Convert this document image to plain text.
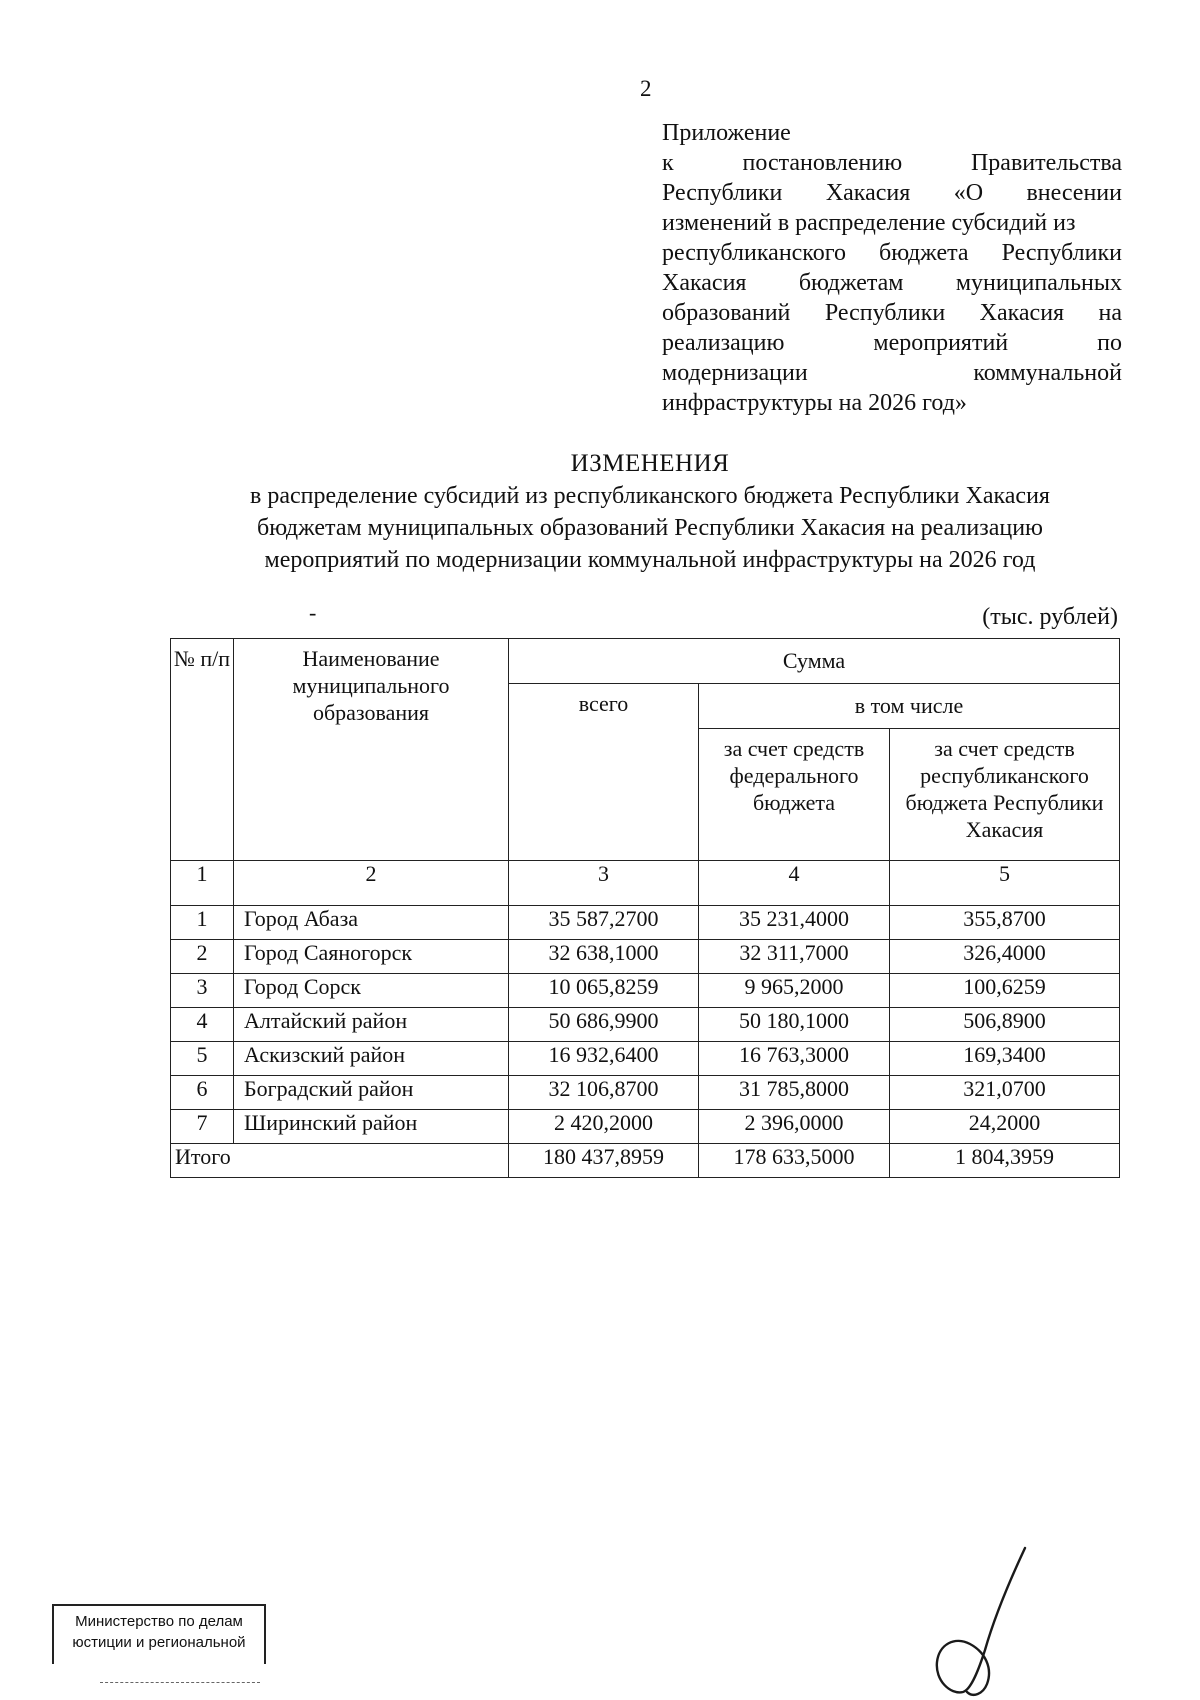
2
Приложение
к	постановлению	Правительства
Республики Хакасия «О внесении
изменений в распределение субсидий из
республиканского бюджета Республики
Хакасия бюджетам муниципальных
образований Республики Хакасия на
реализацию	мероприятий	по
модернизации	коммунальной
инфраструктуры на 2026 год»
ИЗМЕНЕНИЯ
в распределение субсидий из республиканского бюджета Республики Хакасия
бюджетам муниципальных образований Республики Хакасия на реализацию
мероприятий по модернизации коммунальной инфраструктуры на 2026 год
-	(тыс. рублей)
№ п/п	Наименование муниципального образования	Сумма		
		всего	в том числе	
			за счет средств федерального бюджета	за счет средств республиканского бюджета Республики Хакасия
1	2	3	4	5
1	Город Абаза	35 587,2700	35 231,4000	355,8700
2	Город Саяногорск	32 638,1000	32 311,7000	326,4000
3	Город Сорск	10 065,8259	9 965,2000	100,6259
4	Алтайский район	50 686,9900	50 180,1000	506,8900
5	Аскизский район	16 932,6400	16 763,3000	169,3400
6	Боградский район	32 106,8700	31 785,8000	321,0700
7	Ширинский район	2 420,2000	2 396,0000	24,2000
Итого		180 437,8959	178 633,5000	1 804,3959
Министерство по делам
юстиции и региональной
